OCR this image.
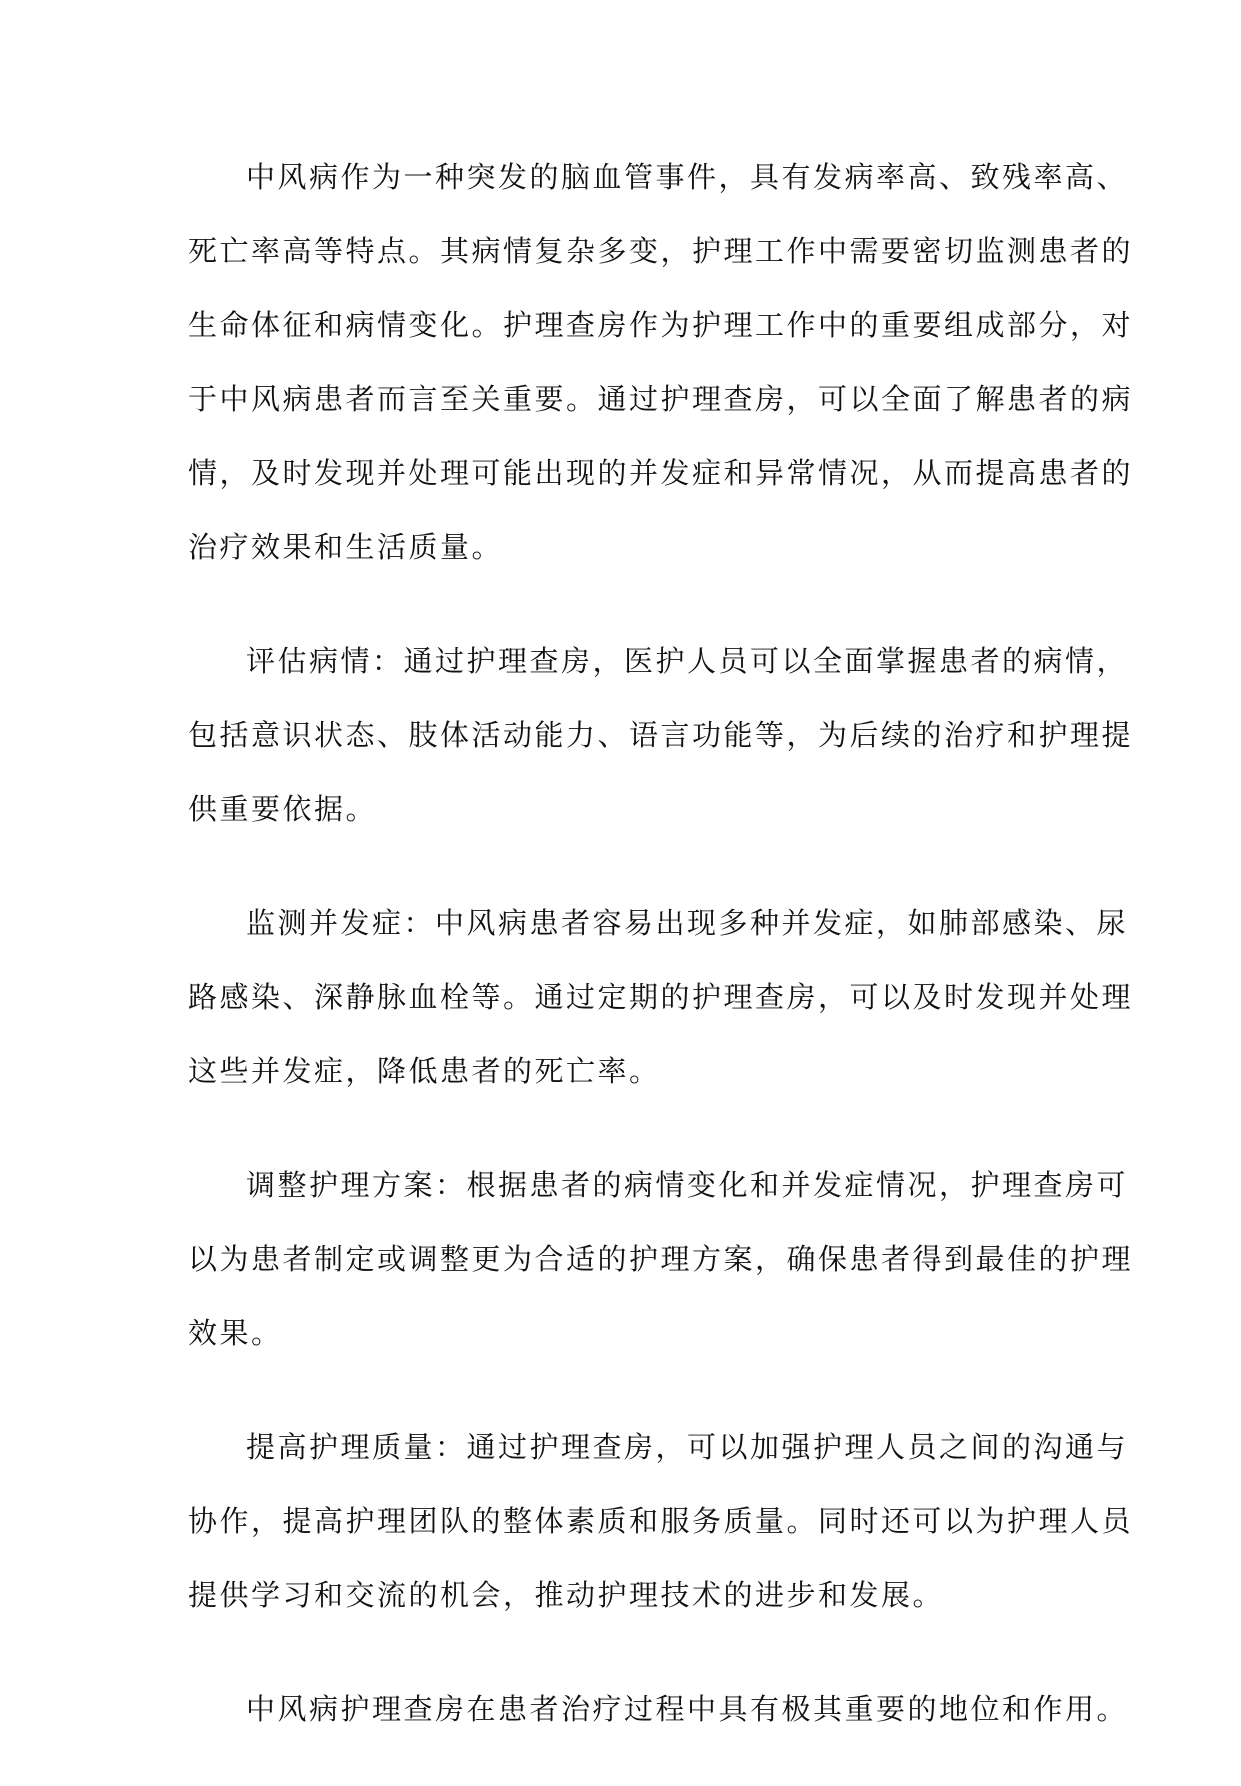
中风病作为一种突发的脑血管事件，具有发病率高、致残率高、
死亡率高等特点。其病情复杂多变，护理工作中需要密切监测患者的
生命体征和病情变化。护理查房作为护理工作中的重要组成部分，对
于中风病患者而言至关重要。通过护理查房，可以全面了解患者的病
情，及时发现并处理可能出现的并发症和异常情况，从而提高患者的
治疗效果和生活质量。
评估病情：通过护理查房，医护人员可以全面掌握患者的病情，
包括意识状态、肢体活动能力、语言功能等，为后续的治疗和护理提
供重要依据。
监测并发症：中风病患者容易出现多种并发症，如肺部感染、尿
路感染、深静脉血栓等。通过定期的护理查房，可以及时发现并处理
这些并发症，降低患者的死亡率。
调整护理方案：根据患者的病情变化和并发症情况，护理查房可
以为患者制定或调整更为合适的护理方案，确保患者得到最佳的护理
效果。
提高护理质量：通过护理查房，可以加强护理人员之间的沟通与
协作，提高护理团队的整体素质和服务质量。同时还可以为护理人员
提供学习和交流的机会，推动护理技术的进步和发展。
中风病护理查房在患者治疗过程中具有极其重要的地位和作用。
